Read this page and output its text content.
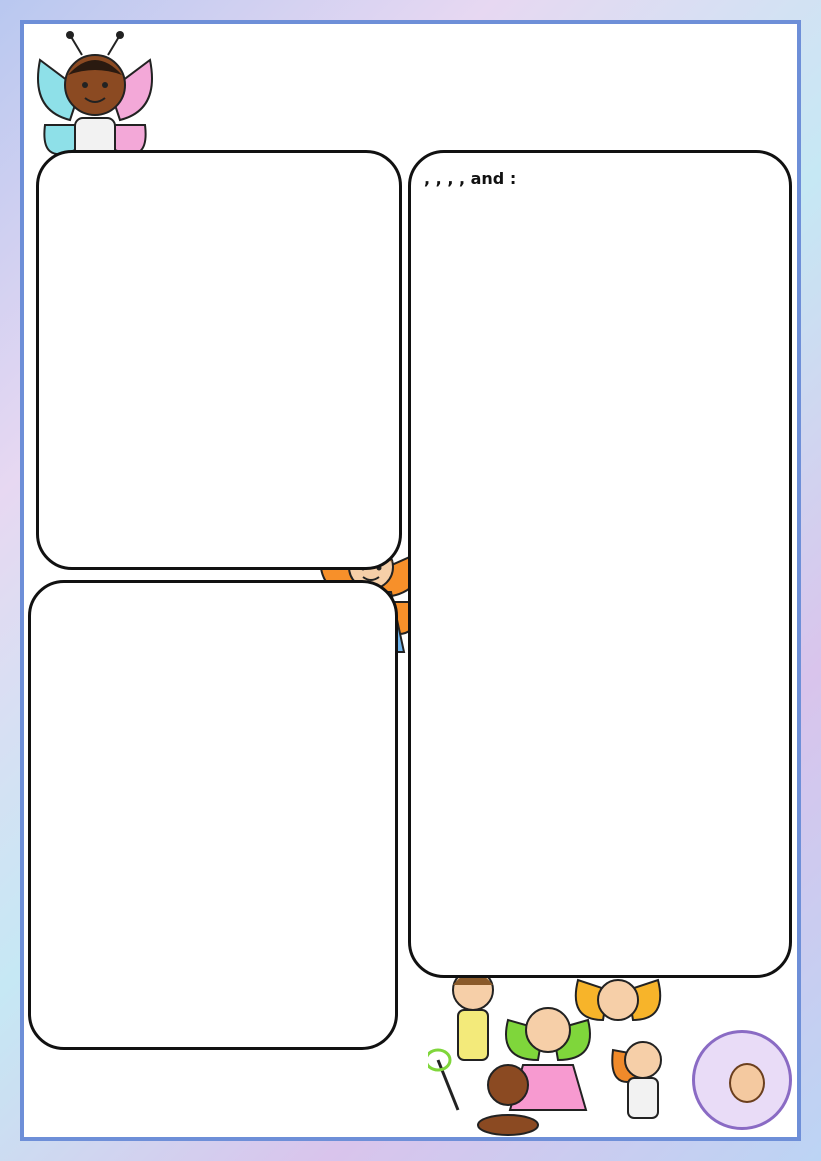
, , , , and :
